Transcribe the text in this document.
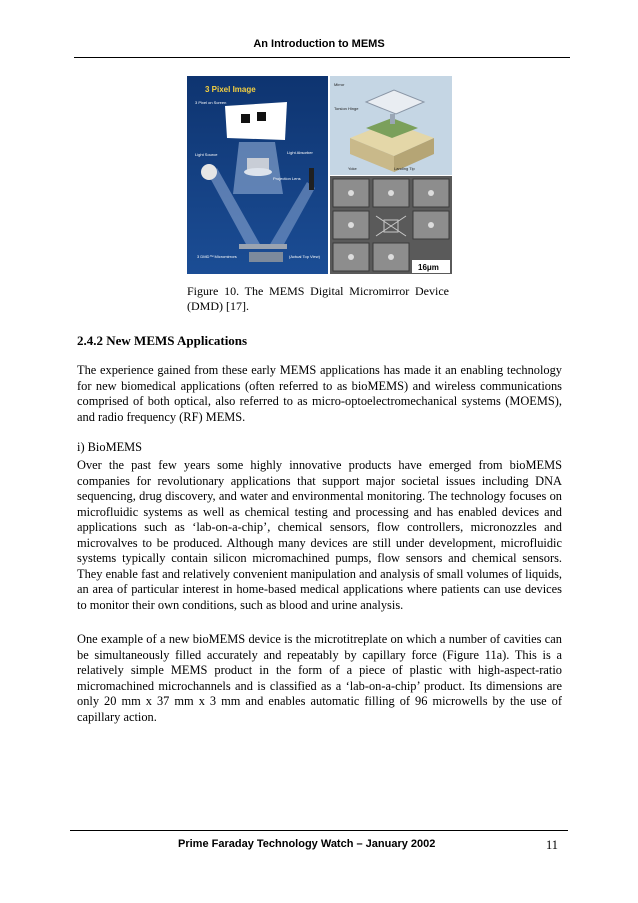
An Introduction to MEMS
3 Pixel Image
3 Pixel on Screen
Projection Lens
Light Source	Light Absorber
3 DMD™ Micromirrors	(Actual Top View)
Mirror
Torsion Hinge
Yoke	Landing Tip
16μm

Figure 10. The MEMS Digital Micromirror Device (DMD) [17].

2.4.2 New MEMS Applications

The experience gained from these early MEMS applications has made it an enabling technology for new biomedical applications (often referred to as bioMEMS) and wireless communications comprised of both optical, also referred to as micro-optoelectromechanical systems (MOEMS), and radio frequency (RF) MEMS.

i) BioMEMS

Over the past few years some highly innovative products have emerged from bioMEMS companies for revolutionary applications that support major societal issues including DNA sequencing, drug discovery, and water and environmental monitoring. The technology focuses on microfluidic systems as well as chemical testing and processing and has enabled devices and applications such as ‘lab-on-a-chip’, chemical sensors, flow controllers, micronozzles and microvalves to be produced. Although many devices are still under development, microfluidic systems typically contain silicon micromachined pumps, flow sensors and chemical sensors. They enable fast and relatively convenient manipulation and analysis of small volumes of liquids, an area of particular interest in home-based medical applications where patients can use devices to monitor their own conditions, such as blood and urine analysis.

One example of a new bioMEMS device is the microtitreplate on which a number of cavities can be simultaneously filled accurately and repeatably by capillary force (Figure 11a). This is a relatively simple MEMS product in the form of a piece of plastic with high-aspect-ratio micromachined microchannels and is classified as a ‘lab-on-a-chip’ product. Its dimensions are only 20 mm x 37 mm x 3 mm and enables automatic filling of 96 microwells by the use of capillary action.

Prime Faraday Technology Watch – January 2002	11
